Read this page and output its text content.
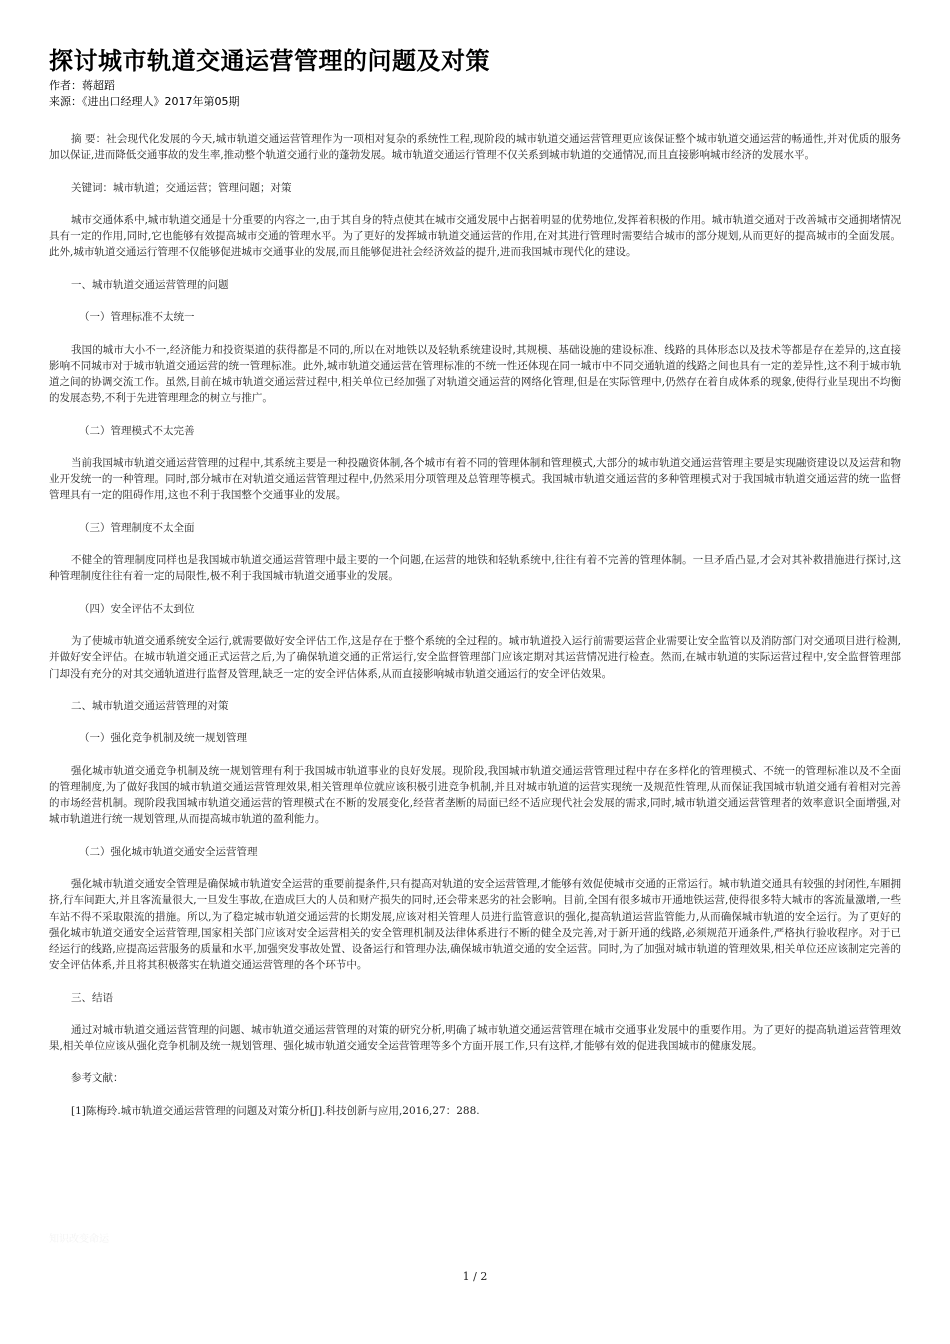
探讨城市轨道交通运营管理的问题及对策
作者：蒋超蹈
来源：《进出口经理人》2017年第05期

摘 要：社会现代化发展的今天,城市轨道交通运营管理作为一项相对复杂的系统性工程,现阶段的城市轨道交通运营管理更应该保证整个城市轨道交通运营的畅通性,并对优质的服务加以保证,进而降低交通事故的发生率,推动整个轨道交通行业的蓬勃发展。城市轨道交通运行管理不仅关系到城市轨道的交通情况,而且直接影响城市经济的发展水平。

关键词：城市轨道；交通运营；管理问题；对策

城市交通体系中,城市轨道交通是十分重要的内容之一,由于其自身的特点使其在城市交通发展中占据着明显的优势地位,发挥着积极的作用。城市轨道交通对于改善城市交通拥堵情况具有一定的作用,同时,它也能够有效提高城市交通的管理水平。为了更好的发挥城市轨道交通运营的作用,在对其进行管理时需要结合城市的部分规划,从而更好的提高城市的全面发展。此外,城市轨道交通运行管理不仅能够促进城市交通事业的发展,而且能够促进社会经济效益的提升,进而我国城市现代化的建设。

一、城市轨道交通运营管理的问题

（一）管理标准不太统一

我国的城市大小不一,经济能力和投资渠道的获得都是不同的,所以在对地铁以及轻轨系统建设时,其规模、基础设施的建设标准、线路的具体形态以及技术等都是存在差异的,这直接影响不同城市对于城市轨道交通运营的统一管理标准。此外,城市轨道交通运营在管理标准的不统一性还体现在同一城市中不同交通轨道的线路之间也具有一定的差异性,这不利于城市轨道之间的协调交流工作。虽然,目前在城市轨道交通运营过程中,相关单位已经加强了对轨道交通运营的网络化管理,但是在实际管理中,仍然存在着自成体系的现象,使得行业呈现出不均衡的发展态势,不利于先进管理理念的树立与推广。

（二）管理模式不太完善

当前我国城市轨道交通运营管理的过程中,其系统主要是一种投融资体制,各个城市有着不同的管理体制和管理模式,大部分的城市轨道交通运营管理主要是实现融资建设以及运营和物业开发统一的一种管理。同时,部分城市在对轨道交通运营管理过程中,仍然采用分项管理及总管理等模式。我国城市轨道交通运营的多种管理模式对于我国城市轨道交通运营的统一监督管理具有一定的阻碍作用,这也不利于我国整个交通事业的发展。

（三）管理制度不太全面

不健全的管理制度同样也是我国城市轨道交通运营管理中最主要的一个问题,在运营的地铁和轻轨系统中,往往有着不完善的管理体制。一旦矛盾凸显,才会对其补救措施进行探讨,这种管理制度往往有着一定的局限性,极不利于我国城市轨道交通事业的发展。

（四）安全评估不太到位

为了使城市轨道交通系统安全运行,就需要做好安全评估工作,这是存在于整个系统的全过程的。城市轨道投入运行前需要运营企业需要让安全监管以及消防部门对交通项目进行检测,并做好安全评估。在城市轨道交通正式运营之后,为了确保轨道交通的正常运行,安全监督管理部门应该定期对其运营情况进行检查。然而,在城市轨道的实际运营过程中,安全监督管理部门却没有充分的对其交通轨道进行监督及管理,缺乏一定的安全评估体系,从而直接影响城市轨道交通运行的安全评估效果。

二、城市轨道交通运营管理的对策

（一）强化竞争机制及统一规划管理

强化城市轨道交通竞争机制及统一规划管理有利于我国城市轨道事业的良好发展。现阶段,我国城市轨道交通运营管理过程中存在多样化的管理模式、不统一的管理标准以及不全面的管理制度,为了做好我国的城市轨道交通运营管理效果,相关管理单位就应该积极引进竞争机制,并且对城市轨道的运营实现统一及规范性管理,从而保证我国城市轨道交通有着相对完善的市场经营机制。现阶段我国城市轨道交通运营的管理模式在不断的发展变化,经营者垄断的局面已经不适应现代社会发展的需求,同时,城市轨道交通运营管理者的效率意识全面增强,对城市轨道进行统一规划管理,从而提高城市轨道的盈利能力。

（二）强化城市轨道交通安全运营管理

强化城市轨道交通安全管理是确保城市轨道安全运营的重要前提条件,只有提高对轨道的安全运营管理,才能够有效促使城市交通的正常运行。城市轨道交通具有较强的封闭性,车厢拥挤,行车间距大,并且客流量很大,一旦发生事故,在造成巨大的人员和财产损失的同时,还会带来恶劣的社会影响。目前,全国有很多城市开通地铁运营,使得很多特大城市的客流量激增,一些车站不得不采取限流的措施。所以,为了稳定城市轨道交通运营的长期发展,应该对相关管理人员进行监管意识的强化,提高轨道运营监管能力,从而确保城市轨道的安全运行。为了更好的强化城市轨道交通安全运营管理,国家相关部门应该对安全运营相关的安全管理机制及法律体系进行不断的健全及完善,对于新开通的线路,必须规范开通条件,严格执行验收程序。对于已经运行的线路,应提高运营服务的质量和水平,加强突发事故处置、设备运行和管理办法,确保城市轨道交通的安全运营。同时,为了加强对城市轨道的管理效果,相关单位还应该制定完善的安全评估体系,并且将其积极落实在轨道交通运营管理的各个环节中。

三、结语

通过对城市轨道交通运营管理的问题、城市轨道交通运营管理的对策的研究分析,明确了城市轨道交通运营管理在城市交通事业发展中的重要作用。为了更好的提高轨道运营管理效果,相关单位应该从强化竞争机制及统一规划管理、强化城市轨道交通安全运营管理等多个方面开展工作,只有这样,才能够有效的促进我国城市的健康发展。

参考文献：

[1]陈梅玲.城市轨道交通运营管理的问题及对策分析[J].科技创新与应用,2016,27：288.

知识改变命运
1 / 2
